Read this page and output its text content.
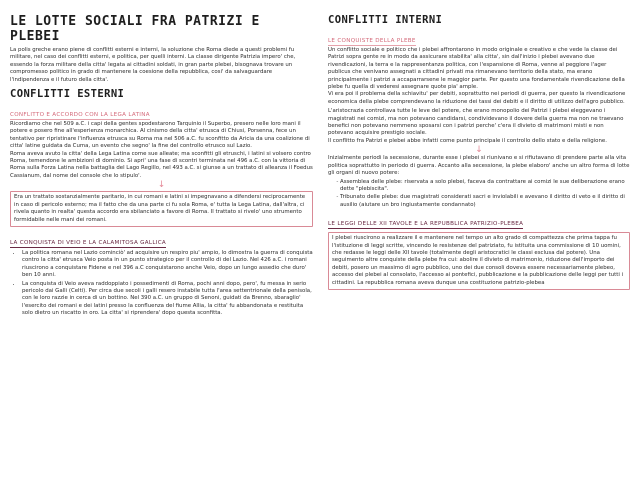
LE LOTTE SOCIALI FRA PATRIZI E PLEBEI

La polis greche erano piene di conflitti esterni e interni, la soluzione che Roma diede a questi problemi fu militare, nel caso dei conflitti esterni, e politica, per quelli interni. La classe dirigente Patrizia impero' che, essendo la forza militare della citta' legata ai cittadini soldati, in gran parte plebei, bisognava trovare un compromesso politico in grado di mantenere la coesione della repubblica, cosi' da salvaguardare l'indipendenza e il futuro della citta'.

CONFLITTI ESTERNI
CONFLITTO E ACCORDO CON LA LEGA LATINA

Ricordiamo che nel 509 a.C. i capi della gentes spodestarono Tarquinio il Superbo, presero nelle loro mani il potere e posero fine all'esperienza monarchica. Al cinismo della citta' etrusca di Chiusi, Porsenna, fece un tentativo per ripristinare l'influenza etrusca su Roma ma nel 506 a.C. fu sconfitto da Aricia da una coalizione di citta' latine guidata da Cuma, un evento che segno' la fine del controllo etrusco sul Lazio.

Roma aveva avuto la citta' della Lega Latina come sue alleate; ma sconfitti gli etruschi, i latini si volsero contro Roma, temendone le ambizioni di dominio. Si apri' una fase di scontri terminata nel 496 a.C. con la vittoria di Roma sulla Forza Latina nella battaglia del Lago Regillo, nel 493 a.C. si giunse a un trattato di alleanza il Foedus Cassianum, dal nome del console che lo stipulo'.

↓

Era un trattato sostanzialmente paritario, in cui romani e latini si impegnavano a difendersi reciprocamente in caso di pericolo esterno; ma il fatto che da una parte ci fu sola Roma, e' tutta la Lega Latina, dall'altra, ci rivela quanto in realta' questa accordo era sbilanciato a favore di Roma. Il trattato si rivelo' uno strumento formidabile nelle mani dei romani.

LA CONQUISTA DI VEIO E LA CALAMITOSA GALLICA
• La politica romana nel Lazio cominciò' ad acquisire un respiro piu' ampio, lo dimostra la guerra di conquista contro la citta' etrusca Veio posta in un punto strategico per il controllo di del Lazio. Nel 426 a.C. i romani riuscirono a conquistare Fidene e nel 396 a.C conquistarono anche Veio, dopo un lungo assedio che duro' ben 10 anni.
• La conquista di Veio aveva raddoppiato i possedimenti di Roma, pochi anni dopo, pero', fu messa in serio pericolo dai Galli (Celti). Per circa due secoli i galli resero instabile tutta l'area settentrionale della penisola, con le loro razzie in cerca di un bottino. Nel 390 a.C. un gruppo di Senoni, guidati da Brenno, sbaraglio' l'esercito dei romani e dei latini presso la confluenza del fiume Allia, la citta' fu abbandonata e restituita solo dietro un riscatto in oro. La citta' si riprendera' dopo questa sconfitta.
CONFLITTI INTERNI
LE CONQUISTE DELLA PLEBE

Un conflitto sociale e politico che i plebei affrontarono in modo originale e creativo e che vede la classe dei Patrizi sopra gente re in modo da assicurare stabilita' alla citta', sin dall'inizio i plebei avevano due rivendicazioni, la terra e la rappresentanza politica, con l'espansione di Roma, venne al peggiore l'ager publicus che venivano assegnati a cittadini privati ma rimanevano territorio della stato, ma erano principalmente i patrizi a accaparrarsene le maggior parte. Per questo una fondamentale rivendicazione della plebe fu quella di vederesi assegnare quote pia' ample.

Vi era poi il problema della schiavitu' per debiti, soprattutto nei periodi di guerra, per questo la rivendicazione economica della plebe comprendevano la riduzione dei tassi dei debiti e il diritto di utilizzo dell'agro pubblico.

L'aristocrazia controllava tutte le leve del potere, che erano monopolio dei Patrizi i plebei eleggevano i magistrati nei comizi, ma non potevano candidarsi, condividevano il dovere della guerra ma non ne traevano benefici non potevano nemmeno sposarsi con i patrizi perche' c'era il divieto di matrimoni misti e non potevano acquisire prestigio sociale.

Il conflitto fra Patrizi e plebei abbe infatti come punto principale il controllo dello stato e della religione.

↓

Inizialmente periodi la secessione, durante esse i plebei si riunivano e si rifiutavano di prendere parte alla vita politica soprattutto in periodo di guerra. Accanto alla secessione, la plebe elaboro' anche un altro forma di lotte gli organi di nuovo potere:

- Assemblea delle plebe: riservata a solo plebei, faceva da contrattare ai comizi le sue deliberazione erano dette "plebiscita".
- Tribunato delle plebe: due magistrati considerati sacri e inviolabili e avevano il diritto di veto e il diritto di ausilio (aiutare un bro ingiustamente condannato)
LE LEGGI DELLE XII TAVOLE E LA REPUBBLICA PATRIZIO-PLEBEA

I plebei riuscirono a realizzare il e mantenere nel tempo un alto grado di compattezza che prima tappa fu l'istituzione di leggi scritte, vincendo le resistenze del patriziato, fu istituita una commissione di 10 uomini, che redasse le leggi delle XII tavole (totalmente degli aristocratici le classi esclusa dal potere). Una seguimento altre conquiste della plebe fra cui: abolire il divieto di matrimonio, riduzione dell'importo dei debiti, posero un massimo di agro pubblico, uno dei due consoli doveva essere necessariamente plebeo, accesso dei plebei al consolato, l'accesso ai pontefici, pubblicazione e la pubblicazione delle leggi per tutti i cittadini. La repubblica romana aveva dunque una costituzione patrizio-plebea
